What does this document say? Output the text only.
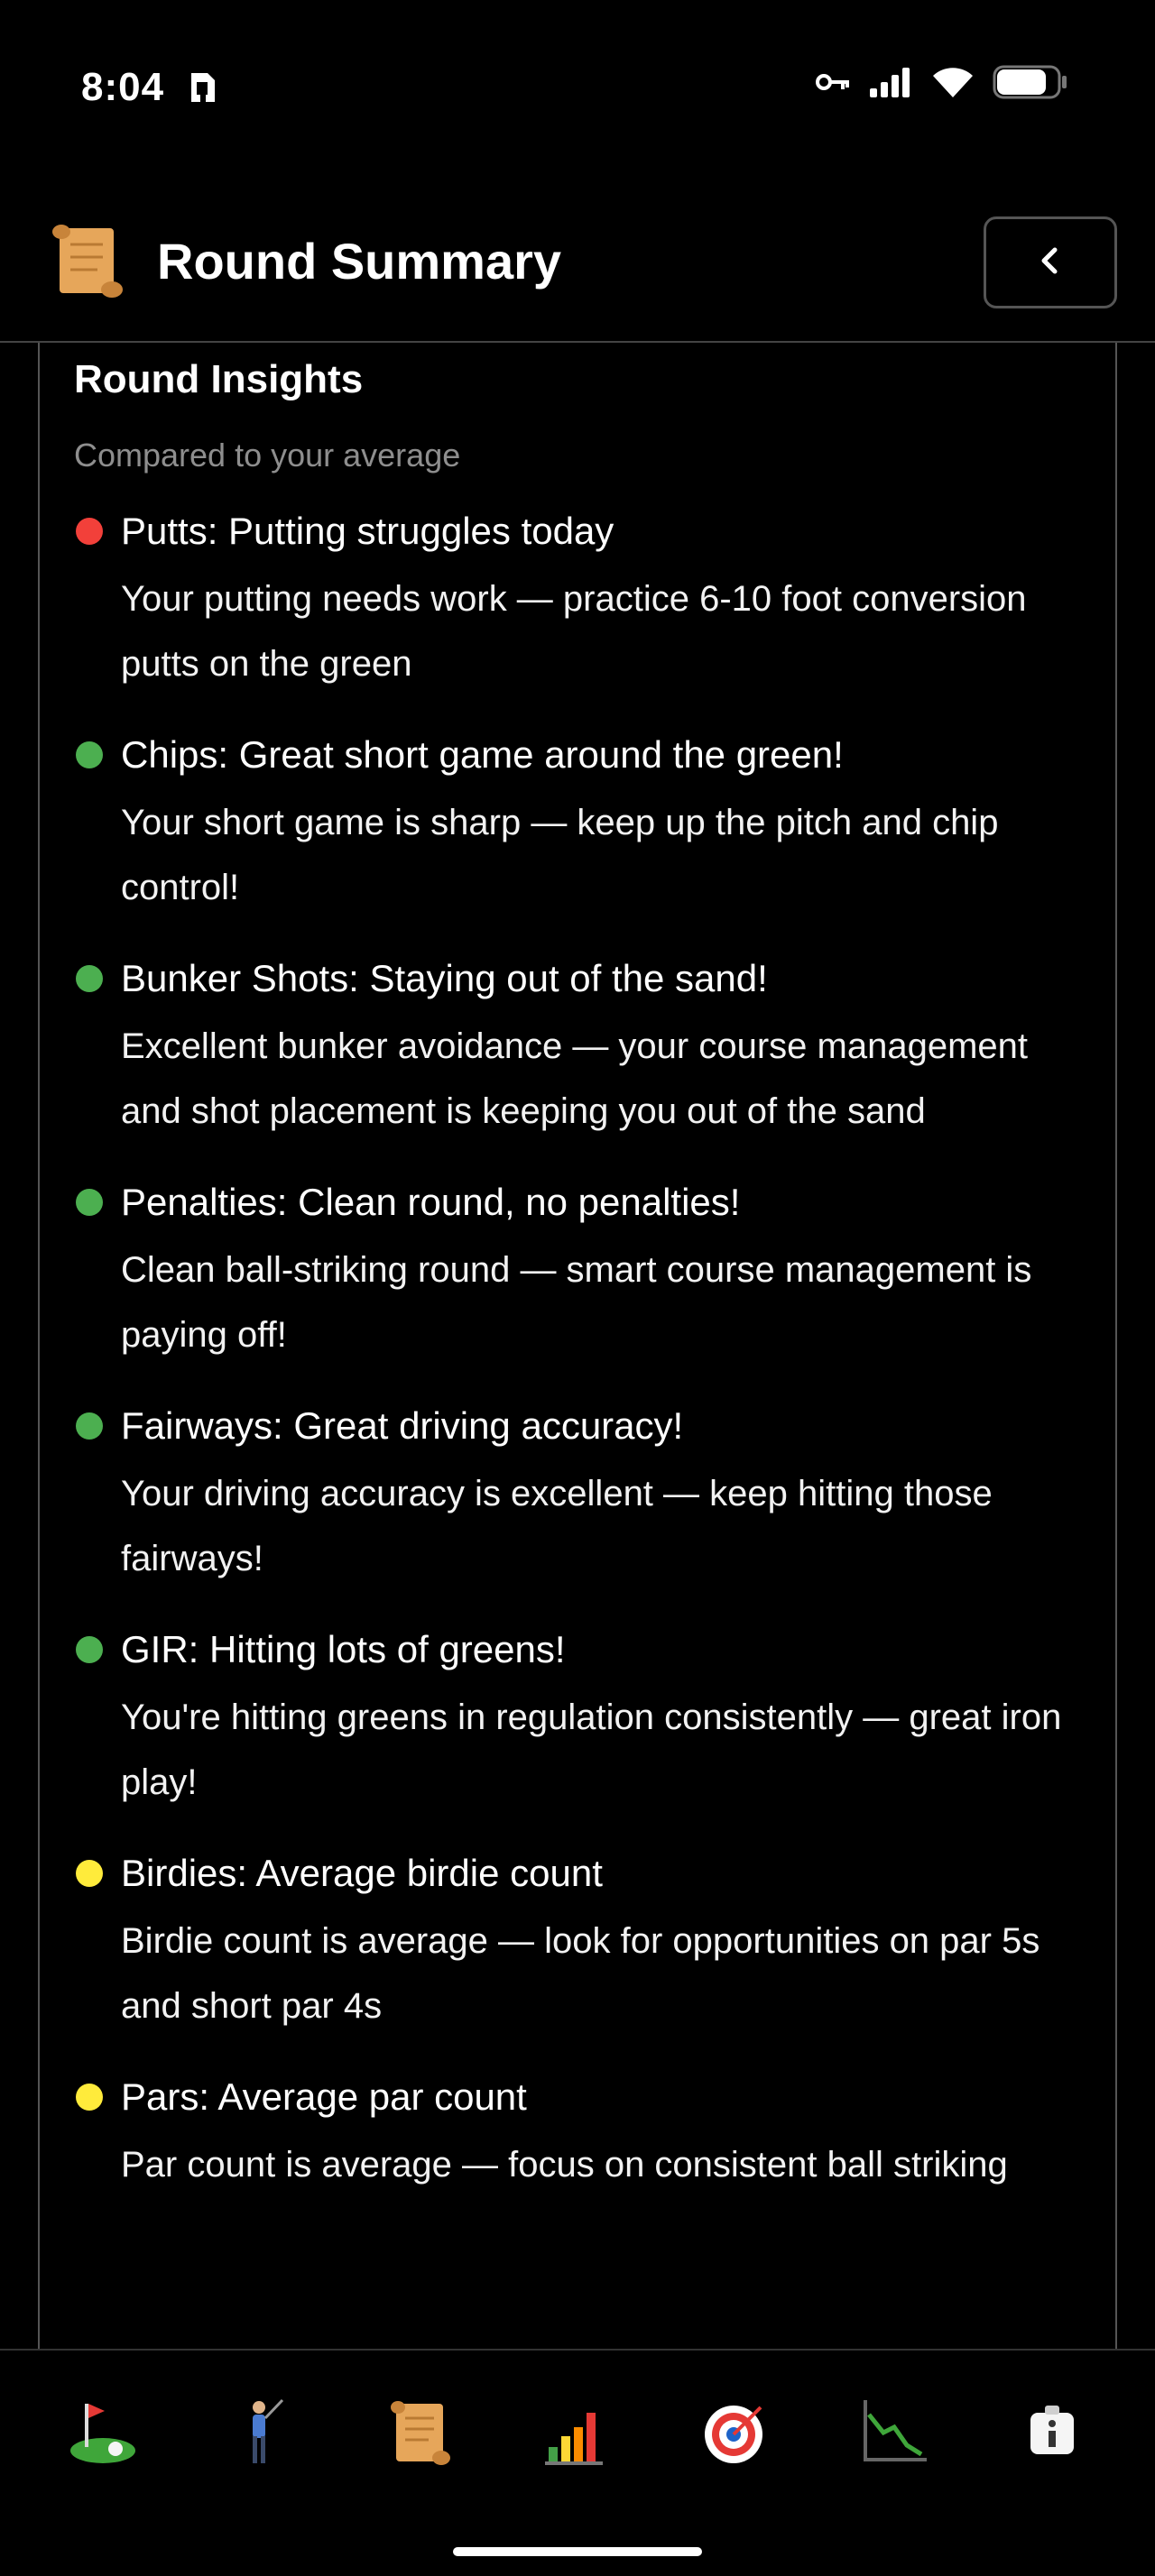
8:04
Round Summary
Round Insights
Compared to your average
Putts: Putting struggles today
Your putting needs work — practice 6-10 foot conversion putts on the green
Chips: Great short game around the green!
Your short game is sharp — keep up the pitch and chip control!
Bunker Shots: Staying out of the sand!
Excellent bunker avoidance — your course management and shot placement is keeping you out of the sand
Penalties: Clean round, no penalties!
Clean ball-striking round — smart course management is paying off!
Fairways: Great driving accuracy!
Your driving accuracy is excellent — keep hitting those fairways!
GIR: Hitting lots of greens!
You're hitting greens in regulation consistently — great iron play!
Birdies: Average birdie count
Birdie count is average — look for opportunities on par 5s and short par 4s
Pars: Average par count
Par count is average — focus on consistent ball striking
